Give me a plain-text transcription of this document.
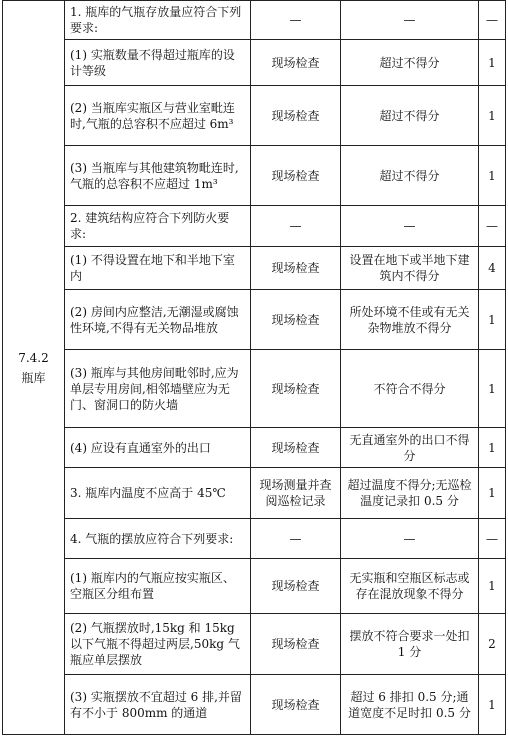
7.4.2
瓶库	1. 瓶库的气瓶存放量应符合下列要求:	—	—	—
	(1) 实瓶数量不得超过瓶库的设计等级	现场检查	超过不得分	1
	(2) 当瓶库实瓶区与营业室毗连时,气瓶的总容积不应超过 6m³	现场检查	超过不得分	1
	(3) 当瓶库与其他建筑物毗连时,气瓶的总容积不应超过 1m³	现场检查	超过不得分	1
	2. 建筑结构应符合下列防火要求:	—	—	—
	(1) 不得设置在地下和半地下室内	现场检查	设置在地下或半地下建筑内不得分	4
	(2) 房间内应整洁,无潮湿或腐蚀性环境,不得有无关物品堆放	现场检查	所处环境不佳或有无关杂物堆放不得分	1
	(3) 瓶库与其他房间毗邻时,应为单层专用房间,相邻墙壁应为无门、窗洞口的防火墙	现场检查	不符合不得分	1
	(4) 应设有直通室外的出口	现场检查	无直通室外的出口不得分	1
	3. 瓶库内温度不应高于 45℃	现场测量并查阅巡检记录	超过温度不得分;无巡检温度记录扣 0.5 分	1
	4. 气瓶的摆放应符合下列要求:	—	—	—
	(1) 瓶库内的气瓶应按实瓶区、空瓶区分组布置	现场检查	无实瓶和空瓶区标志或存在混放现象不得分	1
	(2) 气瓶摆放时,15kg 和 15kg 以下气瓶不得超过两层,50kg 气瓶应单层摆放	现场检查	摆放不符合要求一处扣 1 分	2
	(3) 实瓶摆放不宜超过 6 排,并留有不小于 800mm 的通道	现场检查	超过 6 排扣 0.5 分;通道宽度不足时扣 0.5 分	1
